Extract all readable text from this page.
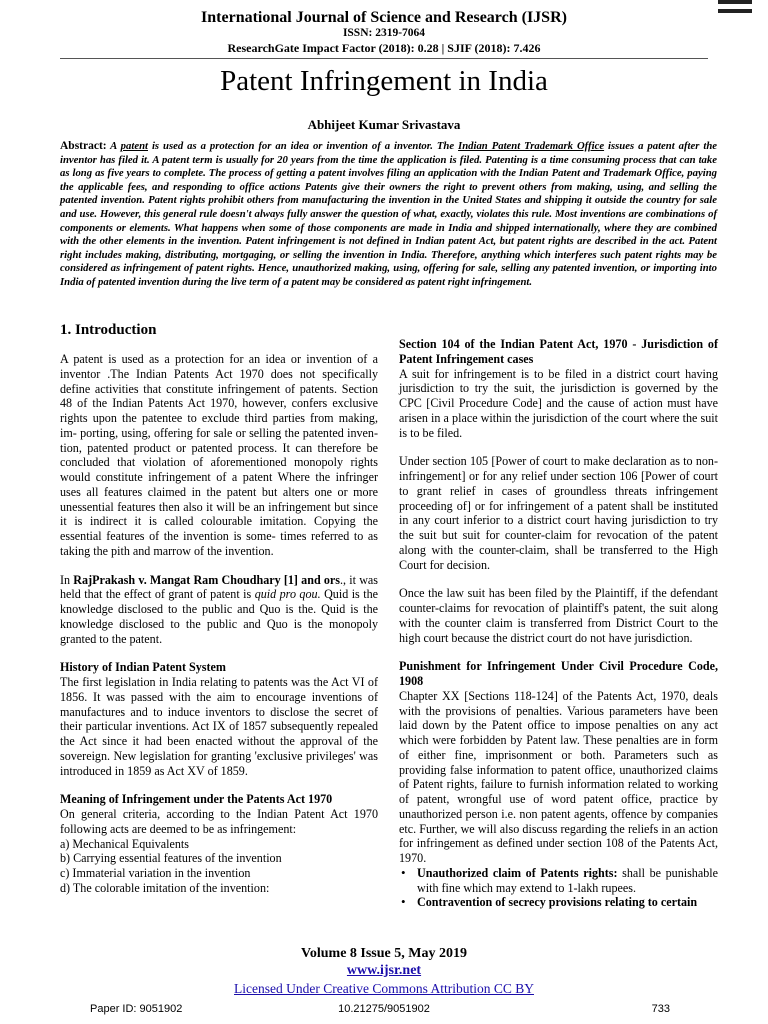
International Journal of Science and Research (IJSR)
ISSN: 2319-7064
ResearchGate Impact Factor (2018): 0.28 | SJIF (2018): 7.426
Patent Infringement in India
Abhijeet Kumar Srivastava

Abstract: A patent is used as a protection for an idea or invention of a inventor. The Indian Patent Trademark Office issues a patent after the inventor has filed it. A patent term is usually for 20 years from the time the application is filed. Patenting is a time consuming process that can take as long as five years to complete. The process of getting a patent involves filing an application with the Indian Patent and Trademark Office, paying the applicable fees, and responding to office actions Patents give their owners the right to prevent others from making, using, and selling the patented invention. Patent rights prohibit others from manufacturing the invention in the United States and shipping it outside the country for sale and use. However, this general rule doesn't always fully answer the question of what, exactly, violates this rule. Most inventions are combinations of components or elements. What happens when some of those components are made in India and shipped internationally, where they are combined with the other elements in the invention. Patent infringement is not defined in Indian patent Act, but patent rights are described in the act. Patent right includes making, distributing, mortgaging, or selling the invention in India. Therefore, anything which interferes such patent rights may be considered as infringement of patent rights. Hence, unauthorized making, using, offering for sale, selling any patented invention, or importing into India of patented invention during the live term of a patent may be considered as patent right infringement.

1. Introduction

A patent is used as a protection for an idea or invention of a inventor .The Indian Patents Act 1970 does not specifically define activities that constitute infringement of patents. Section 48 of the Indian Patents Act 1970, however, confers exclusive rights upon the patentee to exclude third parties from making, im- porting, using, offering for sale or selling the patented inven- tion, patented product or patented process. It can therefore be concluded that violation of aforementioned monopoly rights would constitute infringement of a patent Where the infringer uses all features claimed in the patent but alters one or more unessential features then also it will be an infringement but since it is indirect it is called colourable imitation. Copying the essential features of the invention is some- times referred to as taking the pith and marrow of the invention.

In RajPrakash v. Mangat Ram Choudhary [1] and ors., it was held that the effect of grant of patent is quid pro qou. Quid is the knowledge disclosed to the public and Quo is the. Quid is the knowledge disclosed to the public and Quo is the monopoly granted to the patent.

History of Indian Patent System

The first legislation in India relating to patents was the Act VI of 1856. It was passed with the aim to encourage inventions of manufactures and to induce inventors to disclose the secret of their particular inventions. Act IX of 1857 subsequently repealed the Act since it had been enacted without the approval of the sovereign. New legislation for granting 'exclusive privileges' was introduced in 1859 as Act XV of 1859.

Meaning of Infringement under the Patents Act 1970

On general criteria, according to the Indian Patent Act 1970 following acts are deemed to be as infringement:

a) Mechanical Equivalents
b) Carrying essential features of the invention
c) Immaterial variation in the invention
d) The colorable imitation of the invention:

Section 104 of the Indian Patent Act, 1970 - Jurisdiction of Patent Infringement cases

A suit for infringement is to be filed in a district court having jurisdiction to try the suit, the jurisdiction is governed by the CPC [Civil Procedure Code] and the cause of action must have arisen in a place within the jurisdiction of the court where the suit is to be filed.

Under section 105 [Power of court to make declaration as to non-infringement] or for any relief under section 106 [Power of court to grant relief in cases of groundless threats infringement proceeding of] or for infringement of a patent shall be instituted in any court inferior to a district court having jurisdiction to try the suit but suit for counter-claim for revocation of the patent along with the counter-claim, shall be transferred to the High Court for decision.

Once the law suit has been filed by the Plaintiff, if the defendant counter-claims for revocation of plaintiff's patent, the suit along with the counter claim is transferred from District Court to the high court because the district court do not have jurisdiction.

Punishment for Infringement Under Civil Procedure Code, 1908

Chapter XX [Sections 118-124] of the Patents Act, 1970, deals with the provisions of penalties. Various parameters have been laid down by the Patent office to impose penalties on any act which were forbidden by Patent law. These penalties are in form of either fine, imprisonment or both. Parameters such as providing false information to patent office, unauthorized claims of Patent rights, failure to furnish information related to working of patent, wrongful use of word patent office, practice by unauthorized person i.e. non patent agents, offence by companies etc. Further, we will also discuss regarding the reliefs in an action for infringement as defined under section 108 of the Patents Act, 1970.

• Unauthorized claim of Patents rights: shall be punishable with fine which may extend to 1-lakh rupees.
• Contravention of secrecy provisions relating to certain
Volume 8 Issue 5, May 2019
www.ijsr.net
Licensed Under Creative Commons Attribution CC BY
Paper ID: 9051902	10.21275/9051902	733
